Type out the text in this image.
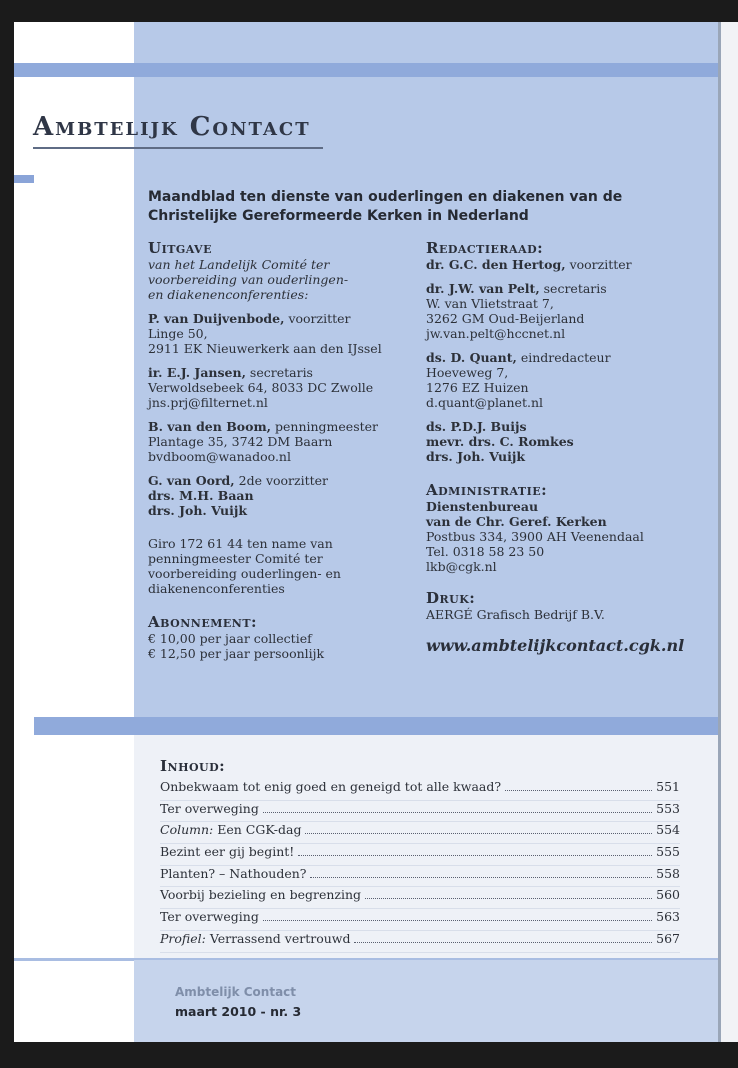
Ambtelijk Contact
Maandblad ten dienste van ouderlingen en diakenen van de
Christelijke Gereformeerde Kerken in Nederland
Uitgave
van het Landelijk Comité ter
voorbereiding van ouderlingen-
en diakenenconferenties:
P. van Duijvenbode, voorzitter
Linge 50,
2911 EK Nieuwerkerk aan den IJssel
ir. E.J. Jansen, secretaris
Verwoldsebeek 64, 8033 DC Zwolle
jns.prj@filternet.nl
B. van den Boom, penningmeester
Plantage 35, 3742 DM Baarn
bvdboom@wanadoo.nl
G. van Oord, 2de voorzitter
drs. M.H. Baan
drs. Joh. Vuijk
Giro 172 61 44 ten name van
penningmeester Comité ter
voorbereiding ouderlingen- en
diakenenconferenties
Abonnement:
€ 10,00 per jaar collectief
€ 12,50 per jaar persoonlijk
Redactieraad:
dr. G.C. den Hertog, voorzitter
dr. J.W. van Pelt, secretaris
W. van Vlietstraat 7,
3262 GM Oud-Beijerland
jw.van.pelt@hccnet.nl
ds. D. Quant, eindredacteur
Hoeveweg 7,
1276 EZ Huizen
d.quant@planet.nl
ds. P.D.J. Buijs
mevr. drs. C. Romkes
drs. Joh. Vuijk
Administratie:
Dienstenbureau
van de Chr. Geref. Kerken
Postbus 334, 3900 AH Veenendaal
Tel. 0318 58 23 50
lkb@cgk.nl
Druk:
AERGÉ Grafisch Bedrijf B.V.
www.ambtelijkcontact.cgk.nl
Inhoud:
Onbekwaam tot enig goed en geneigd tot alle kwaad?	551
Ter overweging	553
Column: Een CGK-dag	554
Bezint eer gij begint!	555
Planten? – Nathouden?	558
Voorbij bezieling en begrenzing	560
Ter overweging	563
Profiel: Verrassend vertrouwd	567
Ambtelijk Contact
maart 2010 - nr. 3
